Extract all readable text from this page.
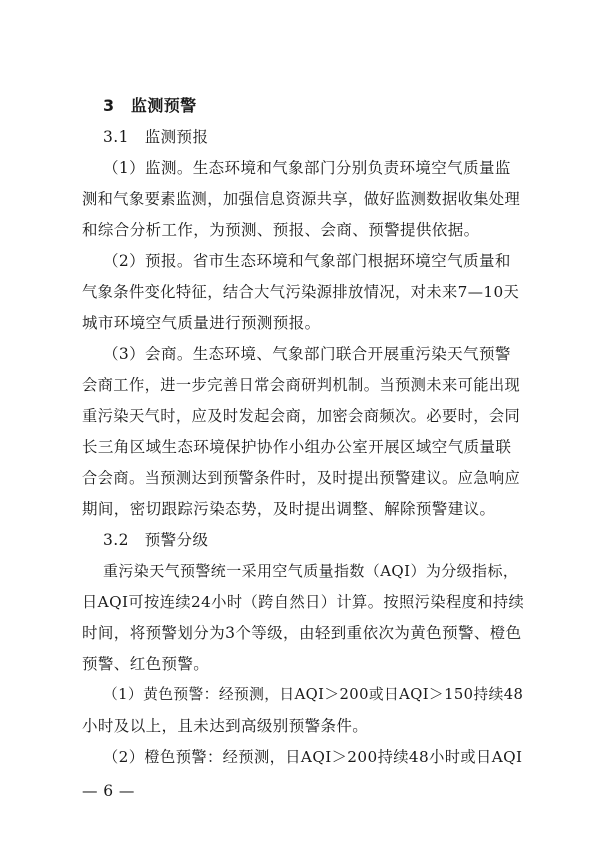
3　监测预警
3.1　监测预报
（1）监测。生态环境和气象部门分别负责环境空气质量监
测和气象要素监测，加强信息资源共享，做好监测数据收集处理
和综合分析工作，为预测、预报、会商、预警提供依据。
（2）预报。省市生态环境和气象部门根据环境空气质量和
气象条件变化特征，结合大气污染源排放情况，对未来7—10天
城市环境空气质量进行预测预报。
（3）会商。生态环境、气象部门联合开展重污染天气预警
会商工作，进一步完善日常会商研判机制。当预测未来可能出现
重污染天气时，应及时发起会商，加密会商频次。必要时，会同
长三角区域生态环境保护协作小组办公室开展区域空气质量联
合会商。当预测达到预警条件时，及时提出预警建议。应急响应
期间，密切跟踪污染态势，及时提出调整、解除预警建议。
3.2　预警分级
重污染天气预警统一采用空气质量指数（AQI）为分级指标，
日AQI可按连续24小时（跨自然日）计算。按照污染程度和持续
时间，将预警划分为3个等级，由轻到重依次为黄色预警、橙色
预警、红色预警。
（1）黄色预警：经预测，日AQI＞200或日AQI＞150持续48
小时及以上，且未达到高级别预警条件。
（2）橙色预警：经预测，日AQI＞200持续48小时或日AQI
— 6 —
